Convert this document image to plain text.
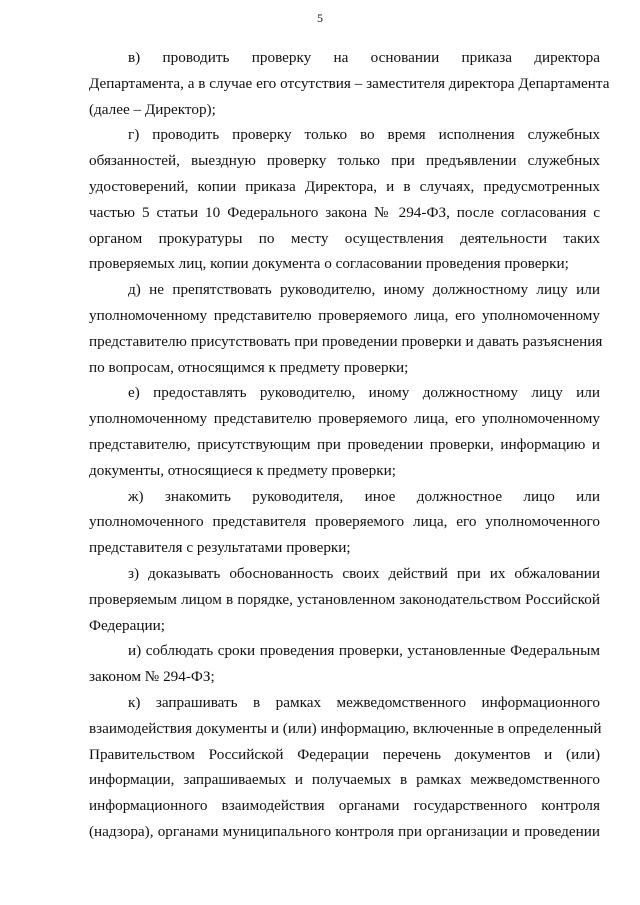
5

в) проводить проверку на основании приказа директора
Департамента, а в случае его отсутствия – заместителя директора Департамента
(далее – Директор);

г) проводить проверку только во время исполнения служебных
обязанностей, выездную проверку только при предъявлении служебных
удостоверений, копии приказа Директора, и в случаях, предусмотренных
частью 5 статьи 10 Федерального закона № 294-ФЗ, после согласования с
органом прокуратуры по месту осуществления деятельности таких
проверяемых лиц, копии документа о согласовании проведения проверки;

д) не препятствовать руководителю, иному должностному лицу или
уполномоченному представителю проверяемого лица, его уполномоченному
представителю присутствовать при проведении проверки и давать разъяснения
по вопросам, относящимся к предмету проверки;

е) предоставлять руководителю, иному должностному лицу или
уполномоченному представителю проверяемого лица, его уполномоченному
представителю, присутствующим при проведении проверки, информацию и
документы, относящиеся к предмету проверки;

ж) знакомить руководителя, иное должностное лицо или
уполномоченного представителя проверяемого лица, его уполномоченного
представителя с результатами проверки;

з) доказывать обоснованность своих действий при их обжаловании
проверяемым лицом в порядке, установленном законодательством Российской
Федерации;

и) соблюдать сроки проведения проверки, установленные Федеральным
законом № 294-ФЗ;

к) запрашивать в рамках межведомственного информационного
взаимодействия документы и (или) информацию, включенные в определенный
Правительством Российской Федерации перечень документов и (или)
информации, запрашиваемых и получаемых в рамках межведомственного
информационного взаимодействия органами государственного контроля
(надзора), органами муниципального контроля при организации и проведении
